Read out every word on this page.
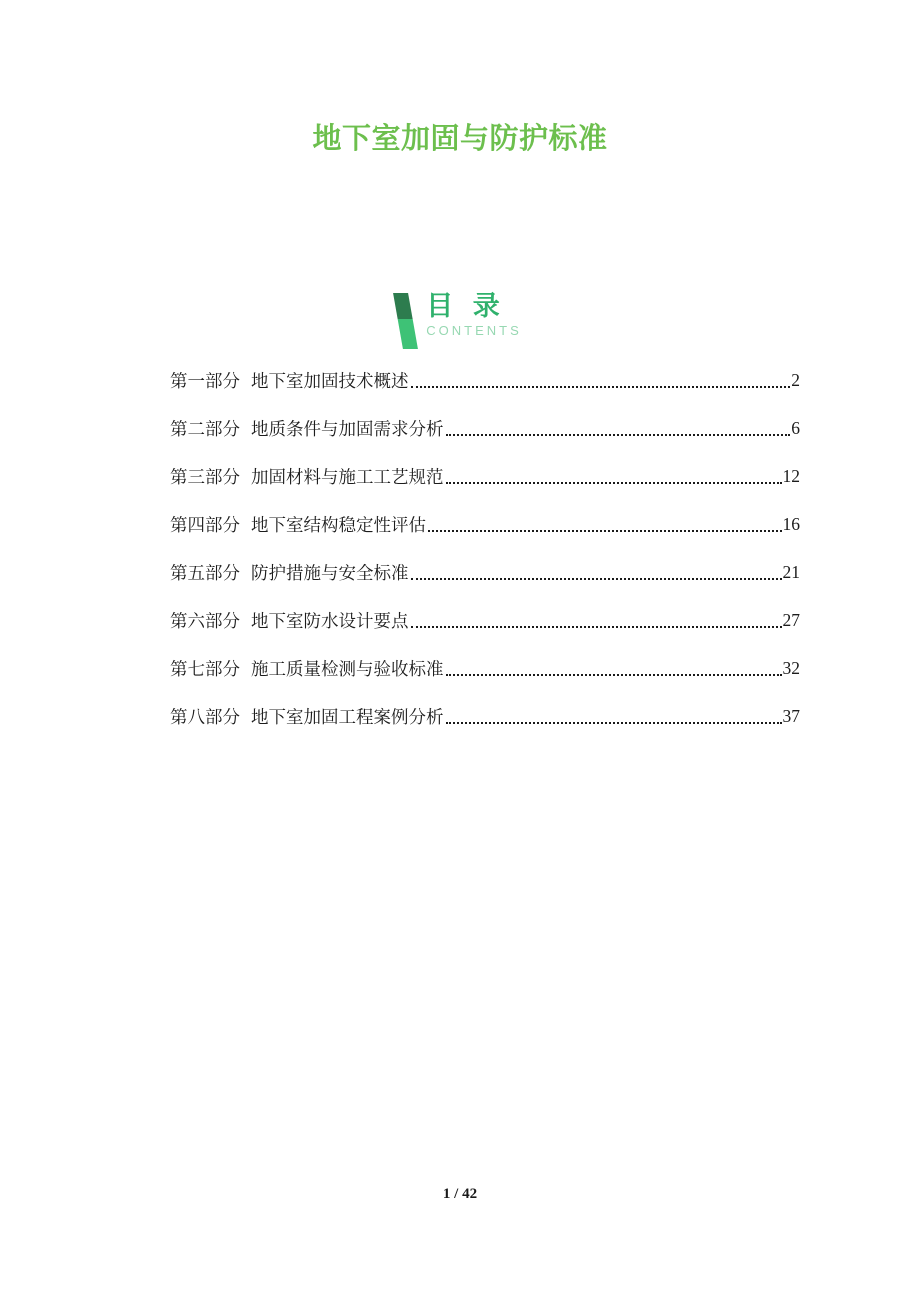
地下室加固与防护标准
目 录
CONTENTS
第一部分 地下室加固技术概述	2
第二部分 地质条件与加固需求分析	6
第三部分 加固材料与施工工艺规范	12
第四部分 地下室结构稳定性评估	16
第五部分 防护措施与安全标准	21
第六部分 地下室防水设计要点	27
第七部分 施工质量检测与验收标准	32
第八部分 地下室加固工程案例分析	37
1 / 42
